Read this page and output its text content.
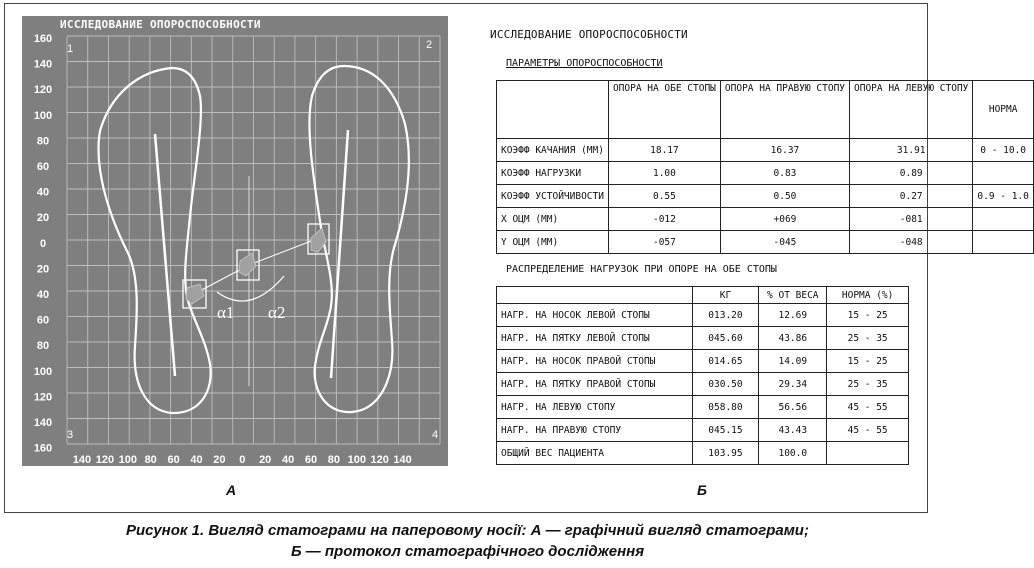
α1 α2
160
140
120
100
80
60
40
20
0
20
40
60
80
100
120
140
160
140 120 100 80 60 40 20 0 20 40 60 80 100 120 140
1	2
3	4
ИССЛЕДОВАНИЕ ОПОРОСПОСОБНОСТИ
ИССЛЕДОВАНИЕ ОПОРОСПОСОБНОСТИ
ПАРАМЕТРЫ ОПОРОСПОСОБНОСТИ
	ОПОРА НА ОБЕ СТОПЫ	ОПОРА НА ПРАВУЮ СТОПУ	ОПОРА НА ЛЕВУЮ СТОПУ	НОРМА
КОЭФФ КАЧАНИЯ (ММ)	18.17	16.37	31.91	0 - 10.0
КОЭФФ НАГРУЗКИ	1.00	0.83	0.89	
КОЭФФ УСТОЙЧИВОСТИ	0.55	0.50	0.27	0.9 - 1.0
X ОЦМ (ММ)	-012	+069	-081	
Y ОЦМ (ММ)	-057	-045	-048	
РАСПРЕДЕЛЕНИЕ НАГРУЗОК ПРИ ОПОРЕ НА ОБЕ СТОПЫ
	КГ	% ОТ ВЕСА	НОРМА (%)
НАГР. НА НОСОК ЛЕВОЙ СТОПЫ	013.20	12.69	15 - 25
НАГР. НА ПЯТКУ ЛЕВОЙ СТОПЫ	045.60	43.86	25 - 35
НАГР. НА НОСОК ПРАВОЙ СТОПЫ	014.65	14.09	15 - 25
НАГР. НА ПЯТКУ ПРАВОЙ СТОПЫ	030.50	29.34	25 - 35
НАГР. НА ЛЕВУЮ СТОПУ	058.80	56.56	45 - 55
НАГР. НА ПРАВУЮ СТОПУ	045.15	43.43	45 - 55
ОБЩИЙ ВЕС ПАЦИЕНТА	103.95	100.0	
А	Б
Рисунок 1. Вигляд статограми на паперовому носії: А — графічний вигляд статограми;
Б — протокол статографічного дослідження
